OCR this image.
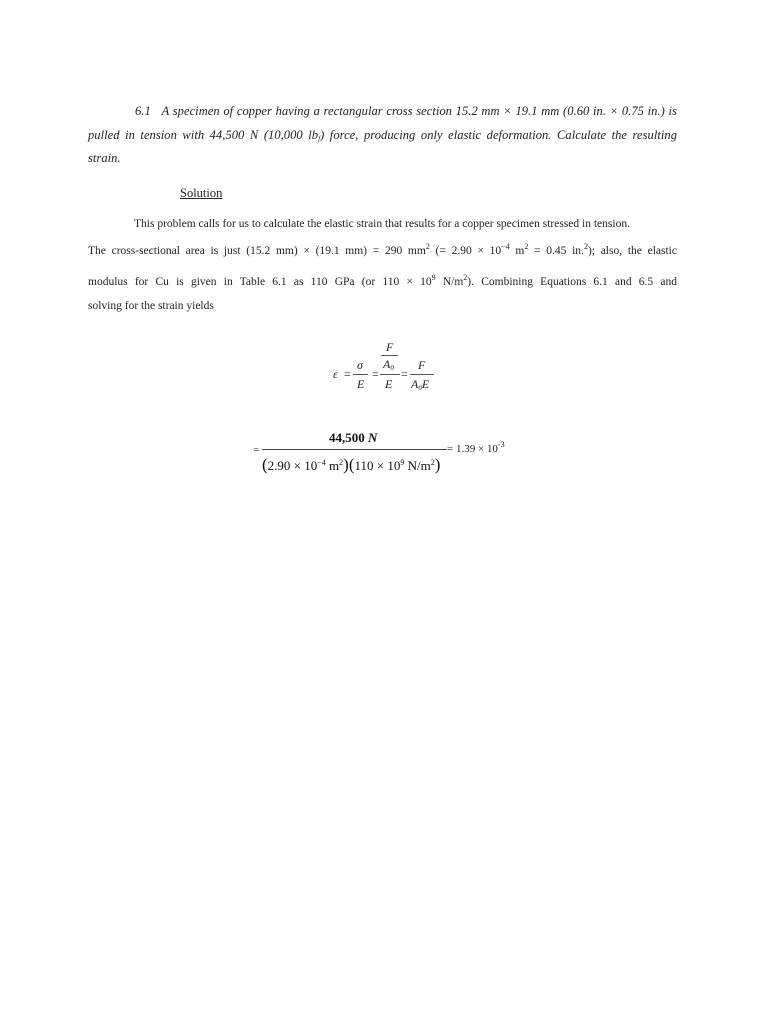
6.1   A specimen of copper having a rectangular cross section 15.2 mm × 19.1 mm (0.60 in. × 0.75 in.) is
pulled in tension with 44,500 N (10,000 $lb_f$) force, producing only elastic deformation. Calculate the resulting
strain.
Solution
This problem calls for us to calculate the elastic strain that results for a copper specimen stressed in tension.
The cross-sectional area is just (15.2 mm) × (19.1 mm) = 290 $mm^2$ (= $2.90 \times 10^{-4}$ $m^2 = 0.45$ in.$^2$); also, the elastic
modulus for Cu is given in Table 6.1 as 110 GPa (or $110 \times 10^9$ $N/m^2$). Combining Equations 6.1 and 6.5 and
solving for the strain yields
ε =
σ
E
=
F
$A_0$
E
=
F
$A_0E$
=
44,500 N
($2.90 \times 10^{-4}$ $m^2)(110 \times 10^9$ $N/m^2$)
= $1.39 \times 10^{-3}$
